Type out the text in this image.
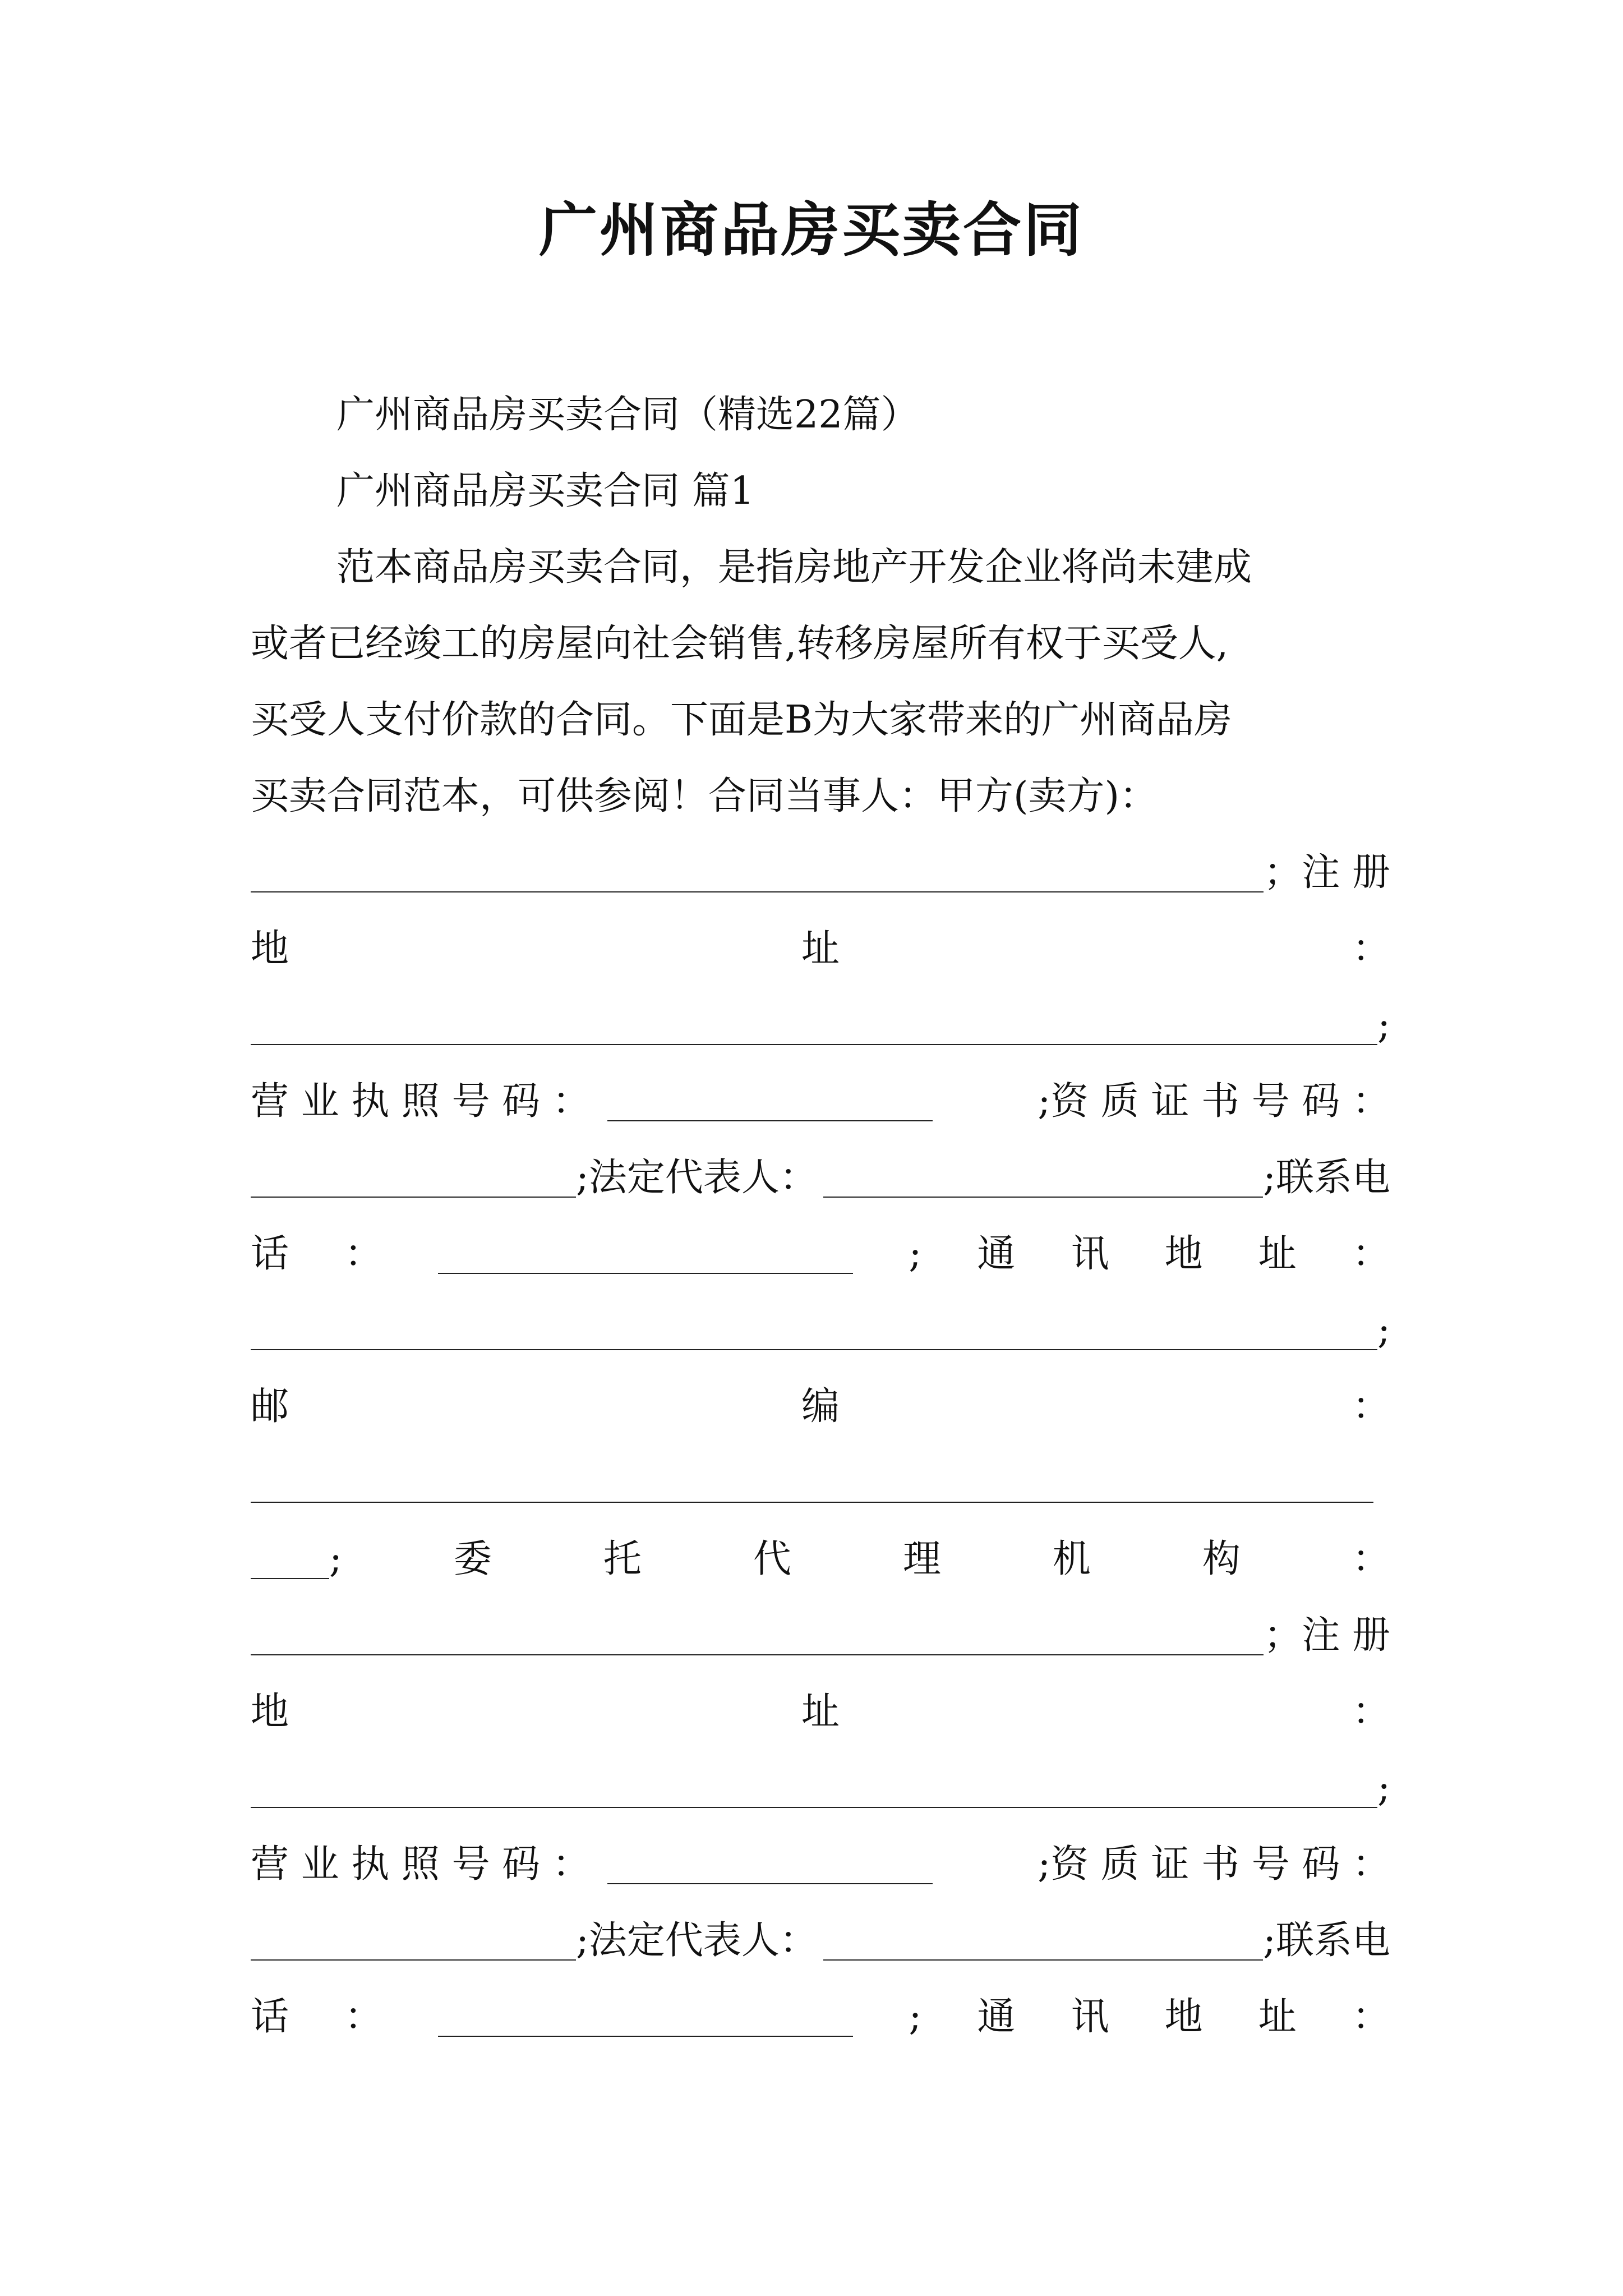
广州商品房买卖合同
广州商品房买卖合同（精选22篇）
广州商品房买卖合同 篇1
范本商品房买卖合同，是指房地产开发企业将尚未建成
或者已经竣工的房屋向社会销售,转移房屋所有权于买受人,
买受人支付价款的合同。下面是B为大家带来的广州商品房
买卖合同范本，可供参阅！合同当事人：甲方(卖方)：
；注 册
地	址	：
;
营 业 执 照 号 码 ：	;资 质 证 书 号 码 ：
;法定代表人：	;联系电
话 ：	; 通 讯 地 址 ：
;
邮	编	：
;	委	托	代	理	机	构	：
；注 册
地	址	：
;
营 业 执 照 号 码 ：	;资 质 证 书 号 码 ：
;法定代表人：	;联系电
话 ：	; 通 讯 地 址 ：
